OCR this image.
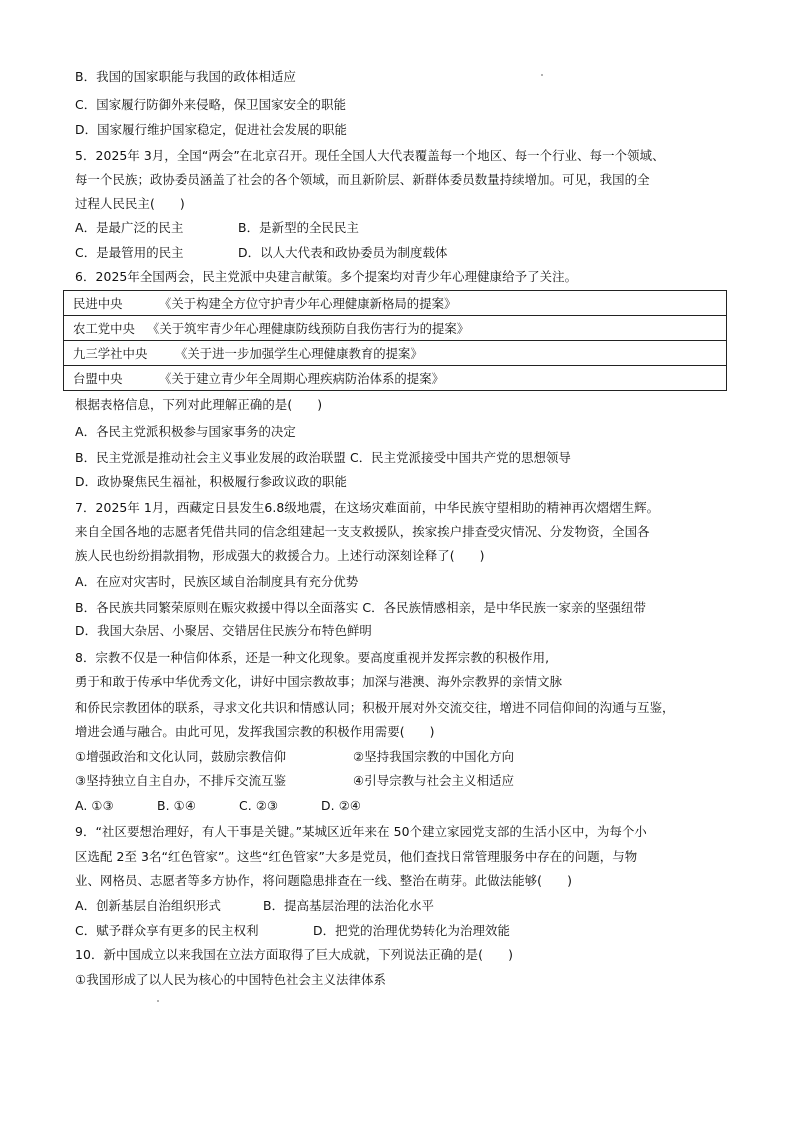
B．我国的国家职能与我国的政体相适应
C．国家履行防御外来侵略，保卫国家安全的职能
D．国家履行维护国家稳定，促进社会发展的职能
5．2025年 3月，全国“两会”在北京召开。现任全国人大代表覆盖每一个地区、每一个行业、每一个领域、
每一个民族；政协委员涵盖了社会的各个领域，而且新阶层、新群体委员数量持续增加。可见，我国的全
过程人民民主(　　)
A．是最广泛的民主	B．是新型的全民民主
C．是最管用的民主	D．以人大代表和政协委员为制度载体
6．2025年全国两会，民主党派中央建言献策。多个提案均对青少年心理健康给予了关注。
民进中央	《关于构建全方位守护青少年心理健康新格局的提案》
农工党中央 《关于筑牢青少年心理健康防线预防自我伤害行为的提案》
九三学社中央 《关于进一步加强学生心理健康教育的提案》
台盟中央	《关于建立青少年全周期心理疾病防治体系的提案》
根据表格信息，下列对此理解正确的是(　　)
A．各民主党派积极参与国家事务的决定
B．民主党派是推动社会主义事业发展的政治联盟 C．民主党派接受中国共产党的思想领导
D．政协聚焦民生福祉，积极履行参政议政的职能
7．2025年 1月，西藏定日县发生6.8级地震，在这场灾难面前，中华民族守望相助的精神再次熠熠生辉。
来自全国各地的志愿者凭借共同的信念组建起一支支救援队，挨家挨户排查受灾情况、分发物资，全国各
族人民也纷纷捐款捐物，形成强大的救援合力。上述行动深刻诠释了(　　)
A．在应对灾害时，民族区域自治制度具有充分优势
B．各民族共同繁荣原则在赈灾救援中得以全面落实 C．各民族情感相亲，是中华民族一家亲的坚强纽带
D．我国大杂居、小聚居、交错居住民族分布特色鲜明
8．宗教不仅是一种信仰体系，还是一种文化现象。要高度重视并发挥宗教的积极作用,
勇于和敢于传承中华优秀文化，讲好中国宗教故事；加深与港澳、海外宗教界的亲情文脉
和侨民宗教团体的联系，寻求文化共识和情感认同；积极开展对外交流交往，增进不同信仰间的沟通与互鉴，
增进会通与融合。由此可见，发挥我国宗教的积极作用需要(　　)
①增强政治和文化认同，鼓励宗教信仰	②坚持我国宗教的中国化方向
③坚持独立自主自办，不排斥交流互鉴	④引导宗教与社会主义相适应
A. ①③	B. ①④	C. ②③	D. ②④
9．“社区要想治理好，有人干事是关键。”某城区近年来在 50个建立家园党支部的生活小区中，为每个小
区选配 2至 3名“红色管家”。这些“红色管家”大多是党员，他们查找日常管理服务中存在的问题，与物
业、网格员、志愿者等多方协作，将问题隐患排查在一线、整治在萌芽。此做法能够(　　)
A．创新基层自治组织形式	B．提高基层治理的法治化水平
C．赋予群众享有更多的民主权利	D．把党的治理优势转化为治理效能
10．新中国成立以来我国在立法方面取得了巨大成就，下列说法正确的是(　　)
①我国形成了以人民为核心的中国特色社会主义法律体系
